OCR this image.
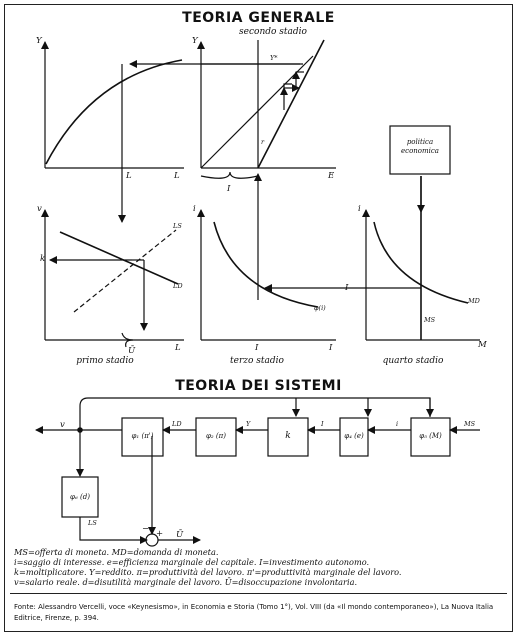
TEORIA GENERALE
TEORIA DEI SISTEMI
secondo stadio
primo stadio	terzo stadio	quarto stadio
Y
L	L
Y
Y*
E
I
r
v
k
LS
LD
L
Ū
i
I	I
φ(i)
i
I
MS
MD
M
politica economica
φ₁ (π')	φ₂ (π)	k	φ₄ (e)	φ₅ (M)
φ₆ (d)
v	LD	Y	I	i	MS
LS
+
−
Ū
MS=offerta di moneta. MD=domanda di moneta.
i=saggio di interesse. e=efficienza marginale del capitale. I=investimento autonomo.
k=moltiplicatore. Y=reddito. π=produttività del lavoro. π'=produttività marginale del lavoro.
v=salario reale. d=disutilità marginale del lavoro. Ū=disoccupazione involontaria.
Fonte: Alessandro Vercelli, voce «Keynesismo», in Economia e Storia (Tomo 1°), Vol. VIII (da «Il mondo contemporaneo»), La Nuova Italia Editrice, Firenze, p. 394.
